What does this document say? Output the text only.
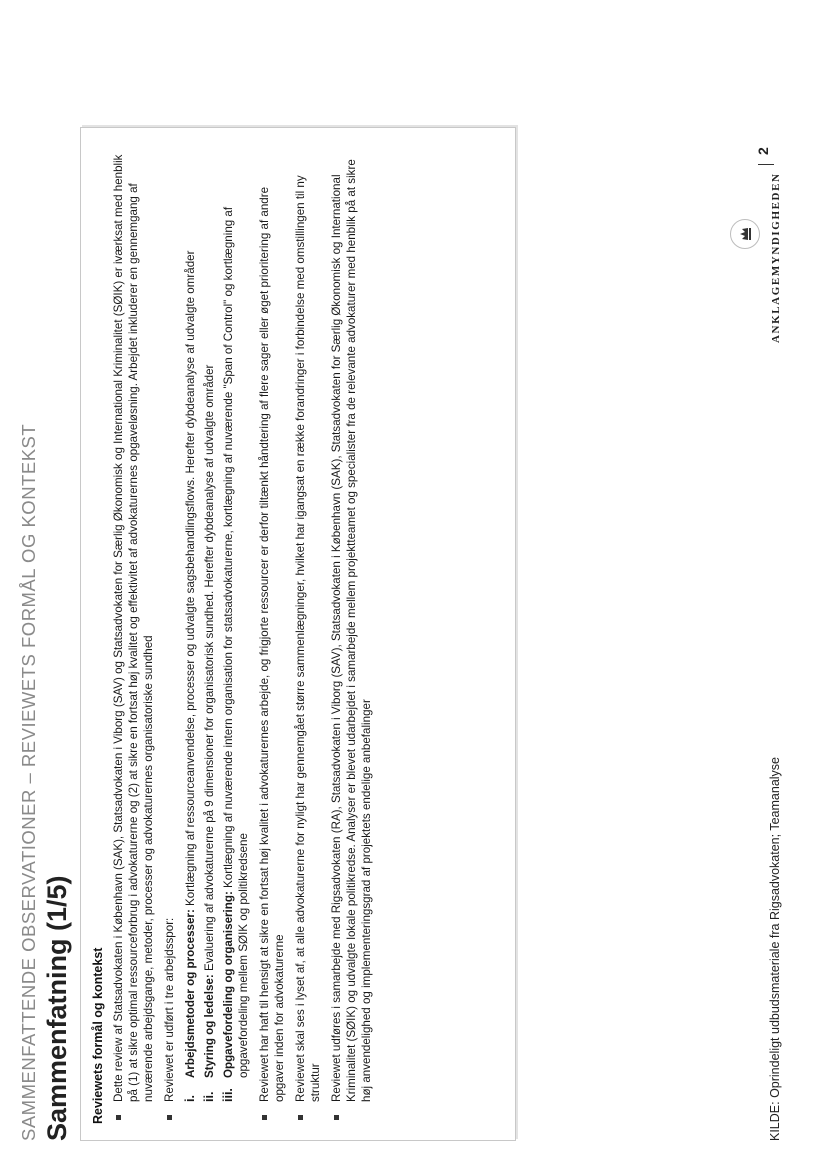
SAMMENFATTENDE OBSERVATIONER – REVIEWETS FORMÅL OG KONTEKST Sammenfatning (1/5) Reviewets formål og kontekst Dette review af Statsadvokaten i København (SAK), Statsadvokaten i Viborg (SAV) og Statsadvokaten for Særlig Økonomisk og International Kriminalitet (SØIK) er iværksat med henblik på (1) at sikre optimal ressourceforbrug i advokaturerne og (2) at sikre en fortsat høj kvalitet og effektivitet af advokaturernes opgaveløsning. Arbejdet inkluderer en gennemgang af nuværende arbejdsgange, metoder, processer og advokaturernes organisatoriske sundhed Reviewet er udført i tre arbejdsspor: i.
Arbejdsmetoder og processer: Kortlægning af ressourceanvendelse, processer og udvalgte sagsbehandlingsflows. Herefter dybdeanalyse af udvalgte områder
ii.
Styring og ledelse: Evaluering af advokaturerne på 9 dimensioner for organisatorisk sundhed. Herefter dybdeanalyse af udvalgte områder
iii.
Opgavefordeling og organisering: Kortlægning af nuværende intern organisation for statsadvokaturerne, kortlægning af nuværende "Span of Control" og kortlægning af opgavefordeling mellem SØIK og politikredsene Reviewet har haft til hensigt at sikre en fortsat høj kvalitet i advokaturernes arbejde, og frigjorte ressourcer er derfor tiltænkt håndtering af flere sager eller øget prioritering af andre opgaver inden for advokaturerne Reviewet skal ses i lyset af, at alle advokaturerne for nyligt har gennemgået større sammenlægninger, hvilket har igangsat en række forandringer i forbindelse med omstillingen til ny struktur Reviewet udføres i samarbejde med Rigsadvokaten (RA), Statsadvokaten i Viborg (SAV), Statsadvokaten i København (SAK), Statsadvokaten for Særlig Økonomisk og International Kriminalitet (SØIK) og udvalgte lokale politikredse. Analyser er blevet udarbejdet i samarbejde mellem projektteamet og specialister fra de relevante advokaturer med henblik på at sikre høj anvendelighed og implementeringsgrad af projektets endelige anbefalinger	KILDE: Oprindeligt udbudsmateriale fra Rigsadvokaten; Teamanalyse
ANKLAGEMYNDIGHEDEN
2
